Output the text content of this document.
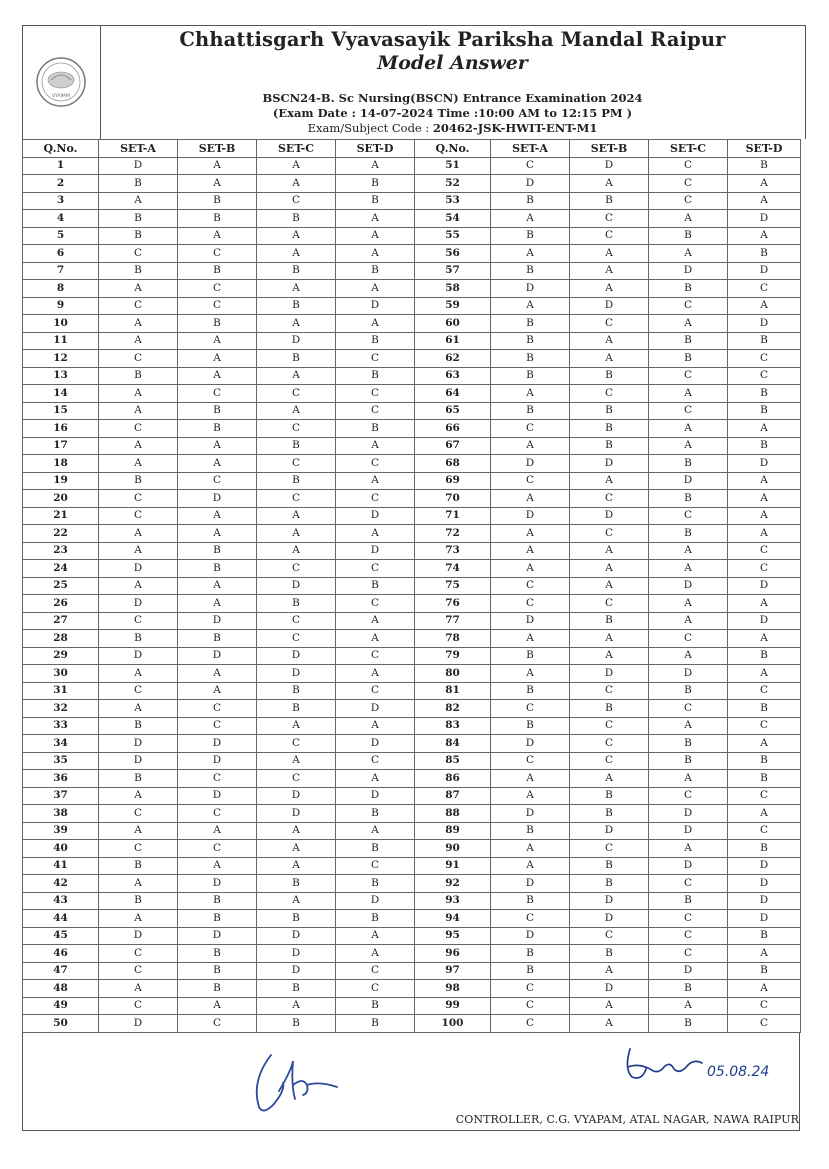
VYAPAM
Chhattisgarh Vyavasayik Pariksha Mandal Raipur
Model Answer
BSCN24-B. Sc Nursing(BSCN) Entrance Examination 2024
(Exam Date : 14-07-2024 Time :10:00 AM to 12:15 PM )
Exam/Subject Code : 20462-JSK-HWIT-ENT-M1
Q.No.	SET-A	SET-B	SET-C	SET-D	Q.No.	SET-A	SET-B	SET-C	SET-D
1	D	A	A	A	51	C	D	C	B
2	B	A	A	B	52	D	A	C	A
3	A	B	C	B	53	B	B	C	A
4	B	B	B	A	54	A	C	A	D
5	B	A	A	A	55	B	C	B	A
6	C	C	A	A	56	A	A	A	B
7	B	B	B	B	57	B	A	D	D
8	A	C	A	A	58	D	A	B	C
9	C	C	B	D	59	A	D	C	A
10	A	B	A	A	60	B	C	A	D
11	A	A	D	B	61	B	A	B	B
12	C	A	B	C	62	B	A	B	C
13	B	A	A	B	63	B	B	C	C
14	A	C	C	C	64	A	C	A	B
15	A	B	A	C	65	B	B	C	B
16	C	B	C	B	66	C	B	A	A
17	A	A	B	A	67	A	B	A	B
18	A	A	C	C	68	D	D	B	D
19	B	C	B	A	69	C	A	D	A
20	C	D	C	C	70	A	C	B	A
21	C	A	A	D	71	D	D	C	A
22	A	A	A	A	72	A	C	B	A
23	A	B	A	D	73	A	A	A	C
24	D	B	C	C	74	A	A	A	C
25	A	A	D	B	75	C	A	D	D
26	D	A	B	C	76	C	C	A	A
27	C	D	C	A	77	D	B	A	D
28	B	B	C	A	78	A	A	C	A
29	D	D	D	C	79	B	A	A	B
30	A	A	D	A	80	A	D	D	A
31	C	A	B	C	81	B	C	B	C
32	A	C	B	D	82	C	B	C	B
33	B	C	A	A	83	B	C	A	C
34	D	D	C	D	84	D	C	B	A
35	D	D	A	C	85	C	C	B	B
36	B	C	C	A	86	A	A	A	B
37	A	D	D	D	87	A	B	C	C
38	C	C	D	B	88	D	B	D	A
39	A	A	A	A	89	B	D	D	C
40	C	C	A	B	90	A	C	A	B
41	B	A	A	C	91	A	B	D	D
42	A	D	B	B	92	D	B	C	D
43	B	B	A	D	93	B	D	B	D
44	A	B	B	B	94	C	D	C	D
45	D	D	D	A	95	D	C	C	B
46	C	B	D	A	96	B	B	C	A
47	C	B	D	C	97	B	A	D	B
48	A	B	B	C	98	C	D	B	A
49	C	A	A	B	99	C	A	A	C
50	D	C	B	B	100	C	A	B	C
05.08.24
CONTROLLER, C.G. VYAPAM, ATAL NAGAR, NAWA RAIPUR
